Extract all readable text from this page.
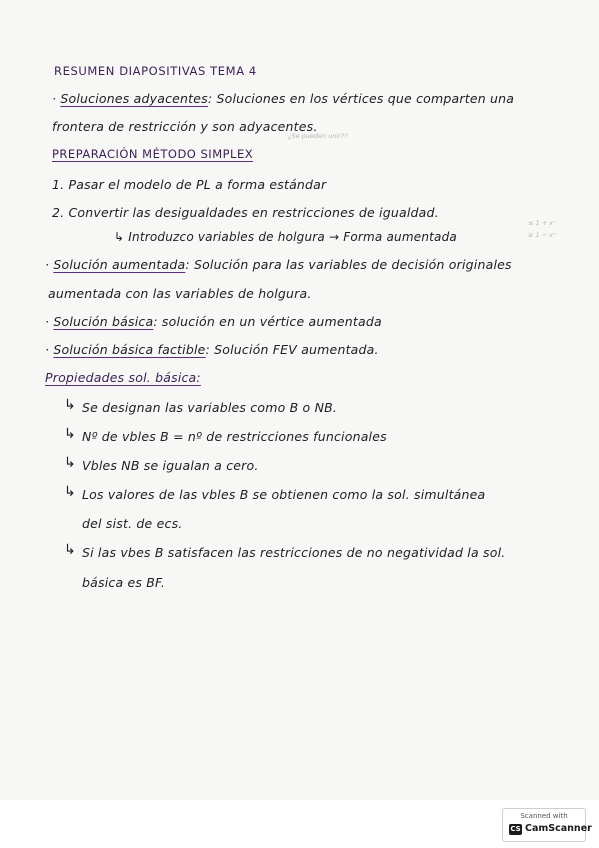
RESUMEN DIAPOSITIVAS TEMA 4
· Soluciones adyacentes: Soluciones en los vértices que comparten una
frontera de restricción y son adyacentes.
¿Se pueden unir??
PREPARACIÓN MÉTODO SIMPLEX
1. Pasar el modelo de PL a forma estándar
2. Convertir las desigualdades en restricciones de igualdad.
↳ Introduzco variables de holgura → Forma aumentada
≤ 1 + x⁺
≥ 1 − x⁺
· Solución aumentada: Solución para las variables de decisión originales
aumentada con las variables de holgura.
· Solución básica: solución en un vértice aumentada
· Solución básica factible: Solución FEV aumentada.
Propiedades sol. básica:
↳ Se designan las variables como B o NB.
↳ Nº de vbles B = nº de restricciones funcionales
↳ Vbles NB se igualan a cero.
↳ Los valores de las vbles B se obtienen como la sol. simultánea
del sist. de ecs.
↳ Si las vbes B satisfacen las restricciones de no negatividad la sol.
básica es BF.
Scanned with
CS CamScanner
